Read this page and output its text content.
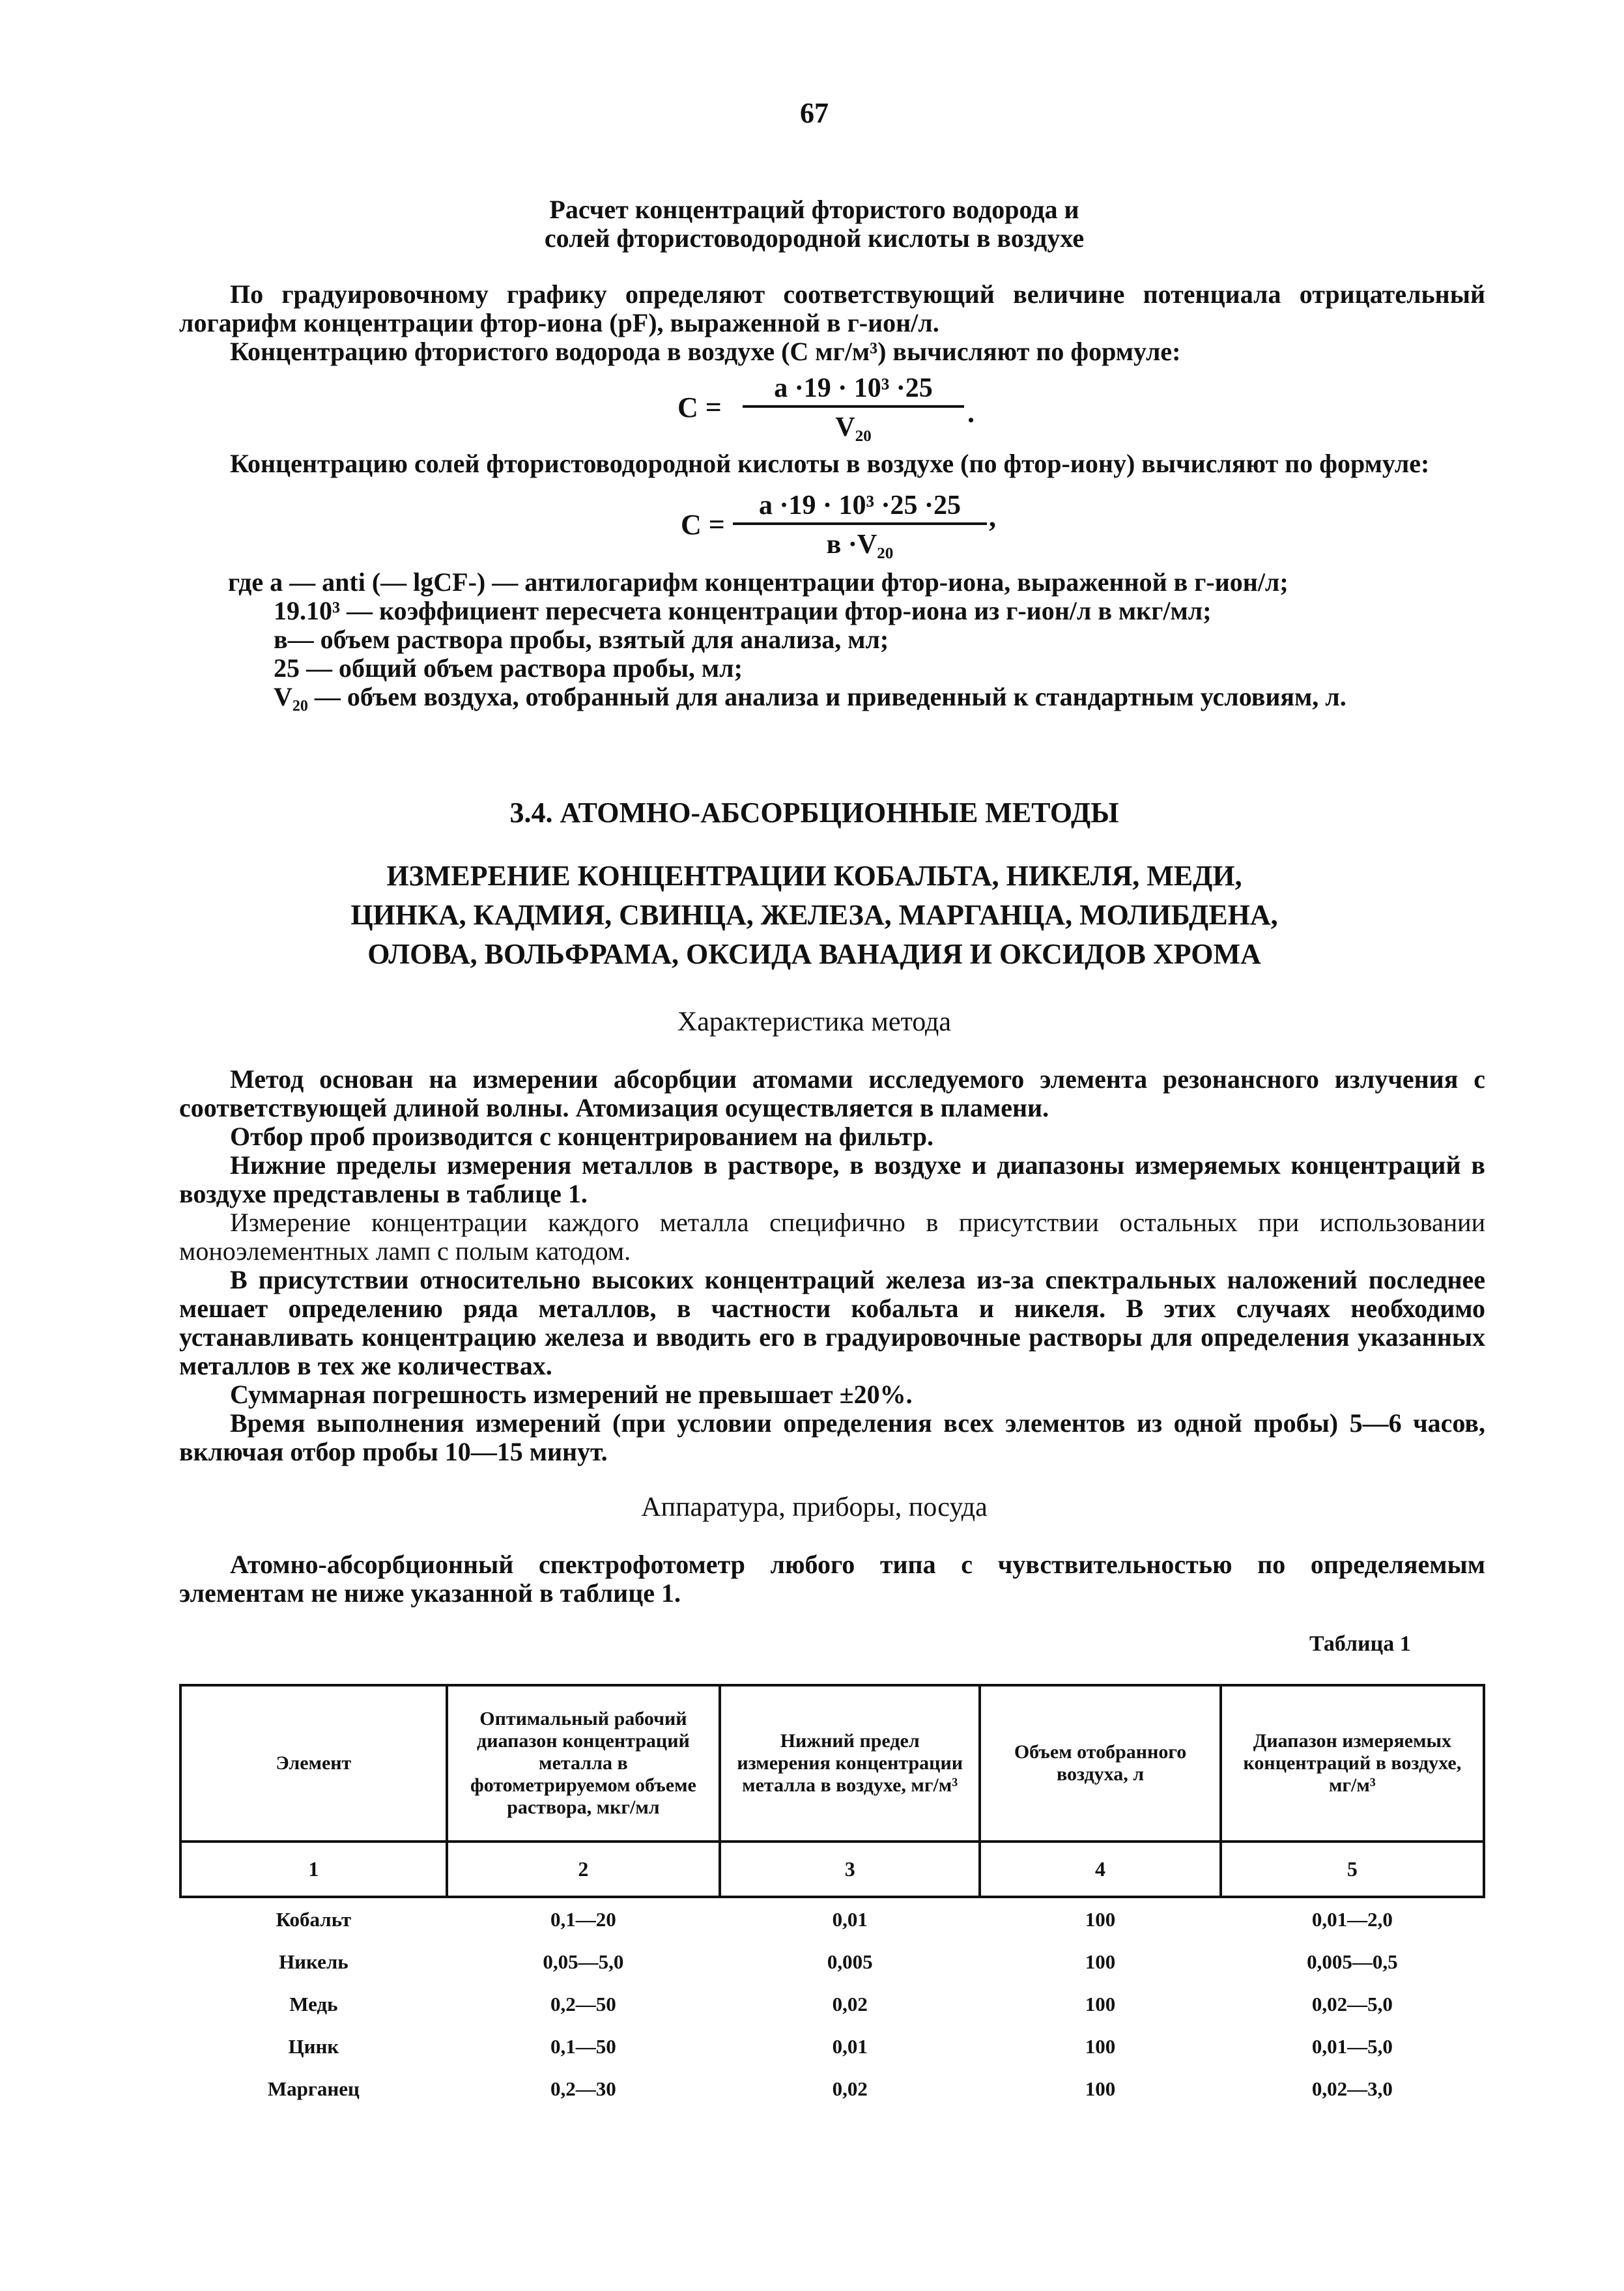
67
Расчет концентраций фтористого водорода и
солей фтористоводородной кислоты в воздухе
По градуировочному графику определяют соответствующий величине потенциала отрицательный логарифм концентрации фтор-иона (pF), выраженной в г-ион/л.
Концентрацию фтористого водорода в воздухе (С мг/м³) вычисляют по формуле:
$C = \frac{\text{a ·19 · 10³ ·25}}{\text{V₂₀}}$ .
Концентрацию солей фтористоводородной кислоты в воздухе (по фтор-иону) вычисляют по формуле:
C =
a ·19 · 10³ ·25 ·25
в ·V₂₀
,
где a — anti (— lgCF-) — антилогарифм концентрации фтор-иона, выраженной в г-ион/л;
19.10³ — коэффициент пересчета концентрации фтор-иона из г-ион/л в мкг/мл;
в— объем раствора пробы, взятый для анализа, мл;
25 — общий объем раствора пробы, мл;
V₂₀ — объем воздуха, отобранный для анализа и приведенный к стандартным условиям, л.
3.4. АТОМНО-АБСОРБЦИОННЫЕ МЕТОДЫ
ИЗМЕРЕНИЕ КОНЦЕНТРАЦИИ КОБАЛЬТА, НИКЕЛЯ, МЕДИ,
ЦИНКА, КАДМИЯ, СВИНЦА, ЖЕЛЕЗА, МАРГАНЦА, МОЛИБДЕНА,
ОЛОВА, ВОЛЬФРАМА, ОКСИДА ВАНАДИЯ И ОКСИДОВ ХРОМА
Характеристика метода
Метод основан на измерении абсорбции атомами исследуемого элемента резонансного излучения с соответствующей длиной волны. Атомизация осуществляется в пламени.
Отбор проб производится с концентрированием на фильтр.
Нижние пределы измерения металлов в растворе, в воздухе и диапазоны измеряемых концентраций в воздухе представлены в таблице 1.
Измерение концентрации каждого металла специфично в присутствии остальных при использовании моноэлементных ламп с полым катодом.
В присутствии относительно высоких концентраций железа из-за спектральных наложений последнее мешает определению ряда металлов, в частности кобальта и никеля. В этих случаях необходимо устанавливать концентрацию железа и вводить его в градуировочные растворы для определения указанных металлов в тех же количествах.
Суммарная погрешность измерений не превышает ±20%.
Время выполнения измерений (при условии определения всех элементов из одной пробы) 5—6 часов, включая отбор пробы 10—15 минут.
Аппаратура, приборы, посуда
Атомно-абсорбционный спектрофотометр любого типа с чувствительностью по определяемым элементам не ниже указанной в таблице 1.
Таблица 1
Элемент	Оптимальный рабочий диапазон концентраций металла в фотометрируемом объеме раствора, мкг/мл	Нижний предел измерения концентрации металла в воздухе, мг/м³	Объем отобранного воздуха, л	Диапазон измеряемых концентраций в воздухе, мг/м³
1	2	3	4	5
Кобальт	0,1—20	0,01	100	0,01—2,0
Никель	0,05—5,0	0,005	100	0,005—0,5
Медь	0,2—50	0,02	100	0,02—5,0
Цинк	0,1—50	0,01	100	0,01—5,0
Марганец	0,2—30	0,02	100	0,02—3,0
